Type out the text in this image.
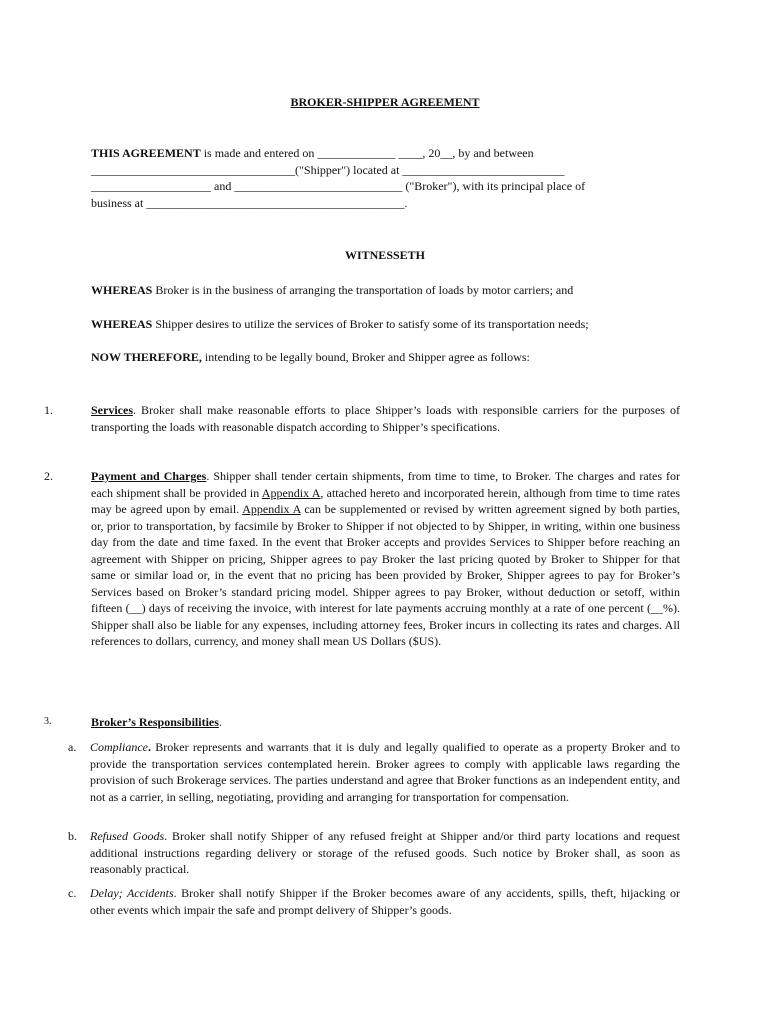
BROKER-SHIPPER AGREEMENT
THIS AGREEMENT is made and entered on _____________ ____, 20__, by and between
__________________________________("Shipper") located at ___________________________
____________________ and ____________________________ ("Broker"), with its principal place of
business at ___________________________________________.
WITNESSETH
WHEREAS Broker is in the business of arranging the transportation of loads by motor carriers; and
WHEREAS Shipper desires to utilize the services of Broker to satisfy some of its transportation needs;
NOW THEREFORE, intending to be legally bound, Broker and Shipper agree as follows:
1.	Services. Broker shall make reasonable efforts to place Shipper’s loads with responsible carriers for the purposes of transporting the loads with reasonable dispatch according to Shipper’s specifications.
2.	Payment and Charges. Shipper shall tender certain shipments, from time to time, to Broker. The charges and rates for each shipment shall be provided in Appendix A, attached hereto and incorporated herein, although from time to time rates may be agreed upon by email. Appendix A can be supplemented or revised by written agreement signed by both parties, or, prior to transportation, by facsimile by Broker to Shipper if not objected to by Shipper, in writing, within one business day from the date and time faxed. In the event that Broker accepts and provides Services to Shipper before reaching an agreement with Shipper on pricing, Shipper agrees to pay Broker the last pricing quoted by Broker to Shipper for that same or similar load or, in the event that no pricing has been provided by Broker, Shipper agrees to pay for Broker’s Services based on Broker’s standard pricing model. Shipper agrees to pay Broker, without deduction or setoff, within fifteen (__) days of receiving the invoice, with interest for late payments accruing monthly at a rate of one percent (__%). Shipper shall also be liable for any expenses, including attorney fees, Broker incurs in collecting its rates and charges. All references to dollars, currency, and money shall mean US Dollars ($US).
3.	Broker’s Responsibilities.
a. Compliance. Broker represents and warrants that it is duly and legally qualified to operate as a property Broker and to provide the transportation services contemplated herein. Broker agrees to comply with applicable laws regarding the provision of such Brokerage services. The parties understand and agree that Broker functions as an independent entity, and not as a carrier, in selling, negotiating, providing and arranging for transportation for compensation.
b. Refused Goods. Broker shall notify Shipper of any refused freight at Shipper and/or third party locations and request additional instructions regarding delivery or storage of the refused goods. Such notice by Broker shall, as soon as reasonably practical.
c. Delay; Accidents. Broker shall notify Shipper if the Broker becomes aware of any accidents, spills, theft, hijacking or other events which impair the safe and prompt delivery of Shipper’s goods.
